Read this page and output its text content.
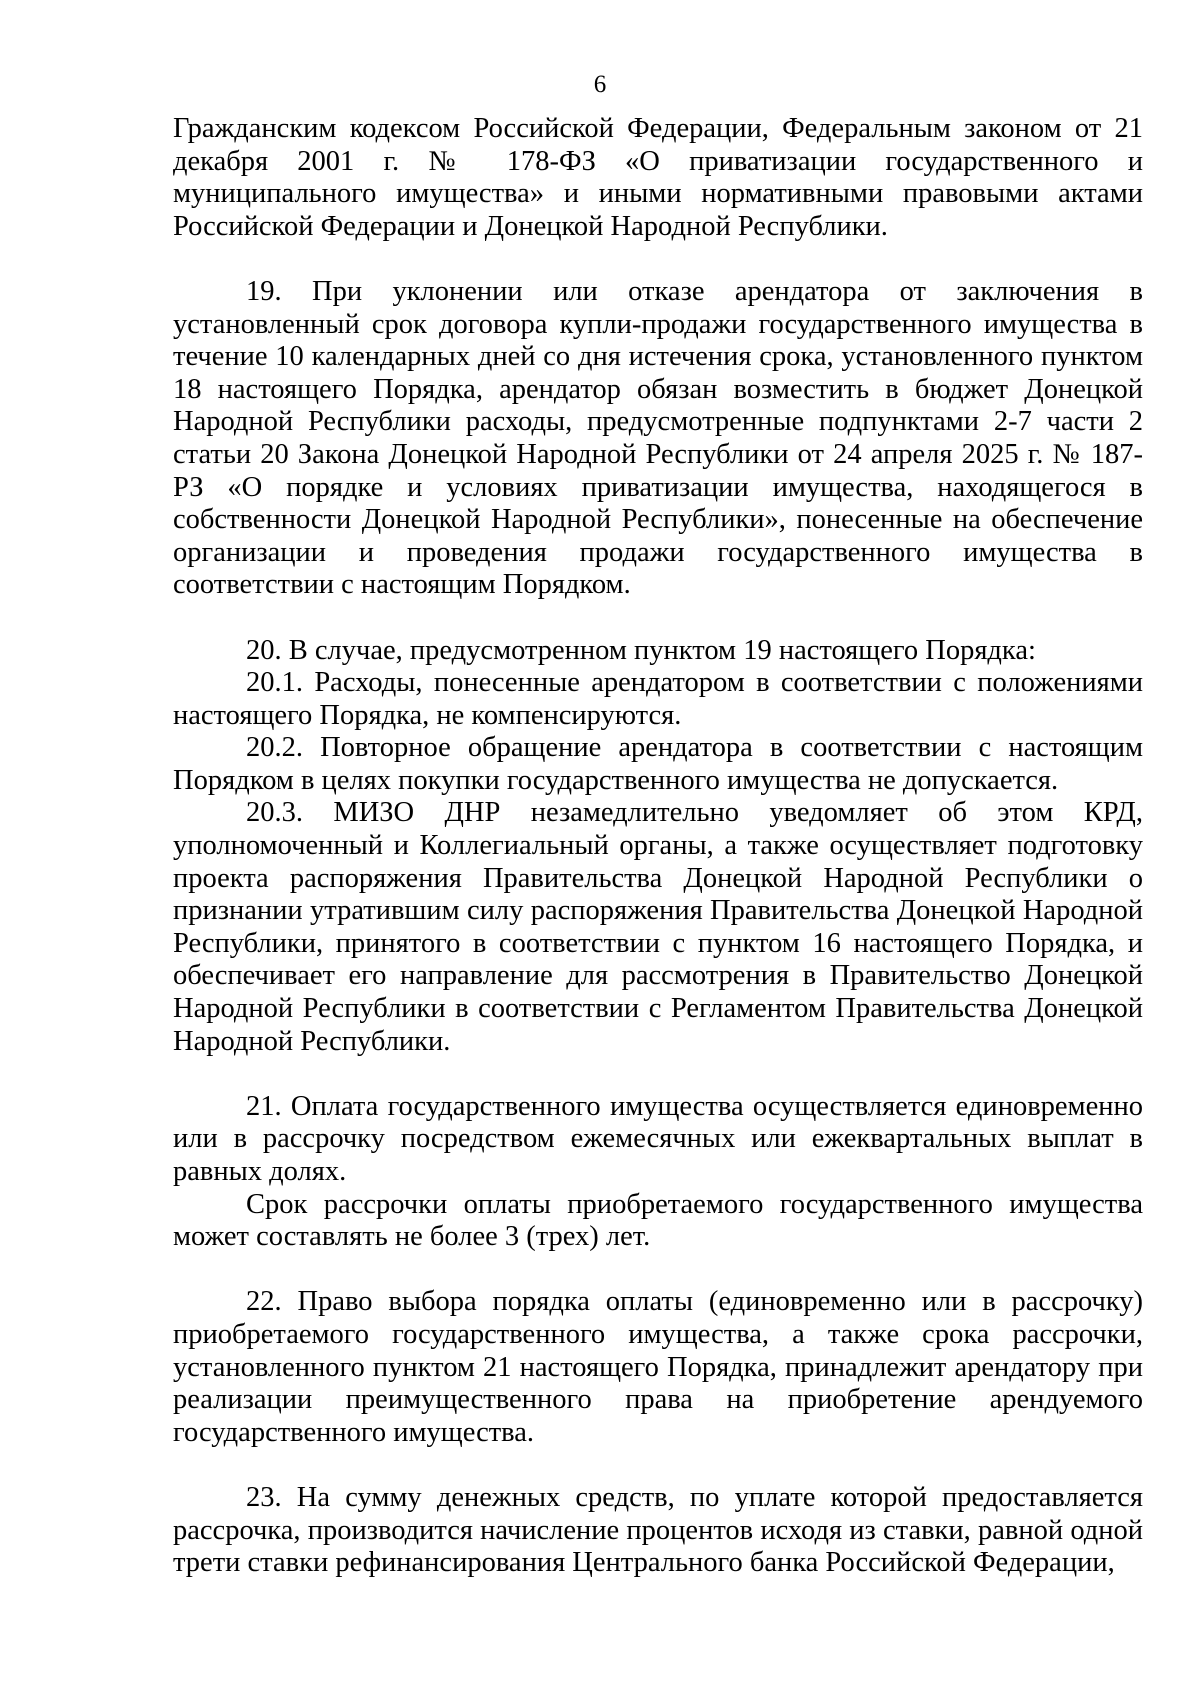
6

Гражданским кодексом Российской Федерации, Федеральным законом от 21 декабря 2001 г. № 178-ФЗ «О приватизации государственного и муниципального имущества» и иными нормативными правовыми актами Российской Федерации и Донецкой Народной Республики.

19. При уклонении или отказе арендатора от заключения в установленный срок договора купли-продажи государственного имущества в течение 10 календарных дней со дня истечения срока, установленного пунктом 18 настоящего Порядка, арендатор обязан возместить в бюджет Донецкой Народной Республики расходы, предусмотренные подпунктами 2-7 части 2 статьи 20 Закона Донецкой Народной Республики от 24 апреля 2025 г. № 187-РЗ «О порядке и условиях приватизации имущества, находящегося в собственности Донецкой Народной Республики», понесенные на обеспечение организации и проведения продажи государственного имущества в соответствии с настоящим Порядком.

20. В случае, предусмотренном пунктом 19 настоящего Порядка:

20.1. Расходы, понесенные арендатором в соответствии с положениями настоящего Порядка, не компенсируются.

20.2. Повторное обращение арендатора в соответствии с настоящим Порядком в целях покупки государственного имущества не допускается.

20.3. МИЗО ДНР незамедлительно уведомляет об этом КРД, уполномоченный и Коллегиальный органы, а также осуществляет подготовку проекта распоряжения Правительства Донецкой Народной Республики о признании утратившим силу распоряжения Правительства Донецкой Народной Республики, принятого в соответствии с пунктом 16 настоящего Порядка, и обеспечивает его направление для рассмотрения в Правительство Донецкой Народной Республики в соответствии с Регламентом Правительства Донецкой Народной Республики.

21. Оплата государственного имущества осуществляется единовременно или в рассрочку посредством ежемесячных или ежеквартальных выплат в равных долях.

Срок рассрочки оплаты приобретаемого государственного имущества может составлять не более 3 (трех) лет.

22. Право выбора порядка оплаты (единовременно или в рассрочку) приобретаемого государственного имущества, а также срока рассрочки, установленного пунктом 21 настоящего Порядка, принадлежит арендатору при реализации преимущественного права на приобретение арендуемого государственного имущества.

23. На сумму денежных средств, по уплате которой предоставляется рассрочка, производится начисление процентов исходя из ставки, равной одной трети ставки рефинансирования Центрального банка Российской Федерации,
